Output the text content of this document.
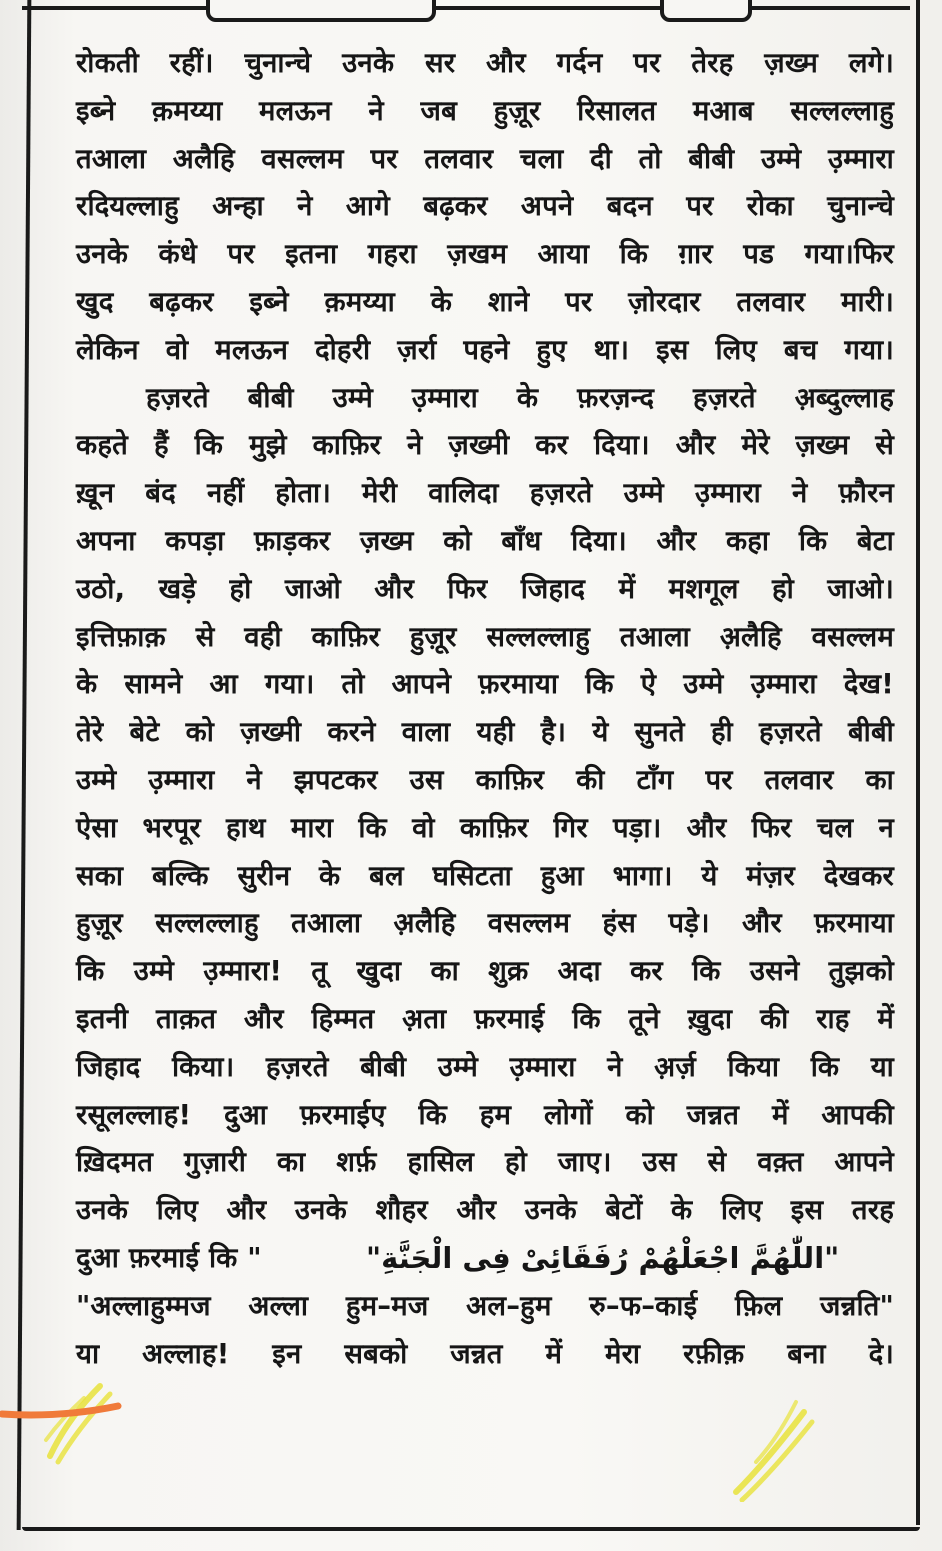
रोकती रहीं। चुनान्चे उनके सर और गर्दन पर तेरह ज़ख्म लगे।
इब्ने क़मय्या मलऊन ने जब हुज़ूर रिसालत मआब सल्लल्लाहु
तआला अलैहि वसल्लम पर तलवार चला दी तो बीबी उम्मे उ़म्मारा
रदियल्लाहु अन्हा ने आगे बढ़कर अपने बदन पर रोका चुनान्चे
उनके कंधे पर इतना गहरा ज़खम आया कि ग़ार पड गया।फिर
खुद बढ़कर इब्ने क़मय्या के शाने पर ज़ोरदार तलवार मारी।
लेकिन वो मलऊन दोहरी ज़र्रा पहने हुए था। इस लिए बच गया।
हज़रते बीबी उम्मे उ़म्मारा के फ़रज़न्द हज़रते अ़ब्दुल्लाह
कहते हैं कि मुझे काफ़िर ने ज़ख्मी कर दिया। और मेरे ज़ख्म से
ख़ून बंद नहीं होता। मेरी वालिदा हज़रते उम्मे उ़म्मारा ने फ़ौरन
अपना कपड़ा फ़ाड़कर ज़ख्म को बाँध दिया। और कहा कि बेटा
उठो, खड़े हो जाओ और फिर जिहाद में मशगूल हो जाओ।
इत्तिफ़ाक़ से वही काफ़िर हुज़ूर सल्लल्लाहु तआला अ़लैहि वसल्लम
के सामने आ गया। तो आपने फ़रमाया कि ऐ उम्मे उ़म्मारा देख!
तेरे बेटे को ज़ख्मी करने वाला यही है। ये सुनते ही हज़रते बीबी
उम्मे उ़म्मारा ने झपटकर उस काफ़िर की टाँग पर तलवार का
ऐसा भरपूर हाथ मारा कि वो काफ़िर गिर पड़ा। और फिर चल न
सका बल्कि सुरीन के बल घसिटता हुआ भागा। ये मंज़र देखकर
हुज़ूर सल्लल्लाहु तआला अ़लैहि वसल्लम हंस पड़े। और फ़रमाया
कि उम्मे उ़म्मारा! तू खुदा का शुक्र अदा कर कि उसने तुझको
इतनी ताक़त और हिम्मत अ़ता फ़रमाई कि तूने ख़ुदा की राह में
जिहाद किया। हज़रते बीबी उम्मे उ़म्मारा ने अ़र्ज़ किया कि या
रसूलल्लाह! दुआ फ़रमाईए कि हम लोगों को जन्नत में आपकी
ख़िदमत गुज़ारी का शर्फ़ हासिल हो जाए। उस से वक़्त आपने
उनके लिए और उनके शौहर और उनके बेटों के लिए इस तरह
दुआ फ़रमाई कि "	"اللّٰهُمَّ اجْعَلْهُمْ رُفَقَائِیْ فِی الْجَنَّةِ"
"अल्लाहुम्मज अल्ला हुम–मज अल–हुम रु–फ–काई फ़िल जन्नति"
या अल्लाह! इन सबको जन्नत में मेरा रफ़ीक़ बना दे।
